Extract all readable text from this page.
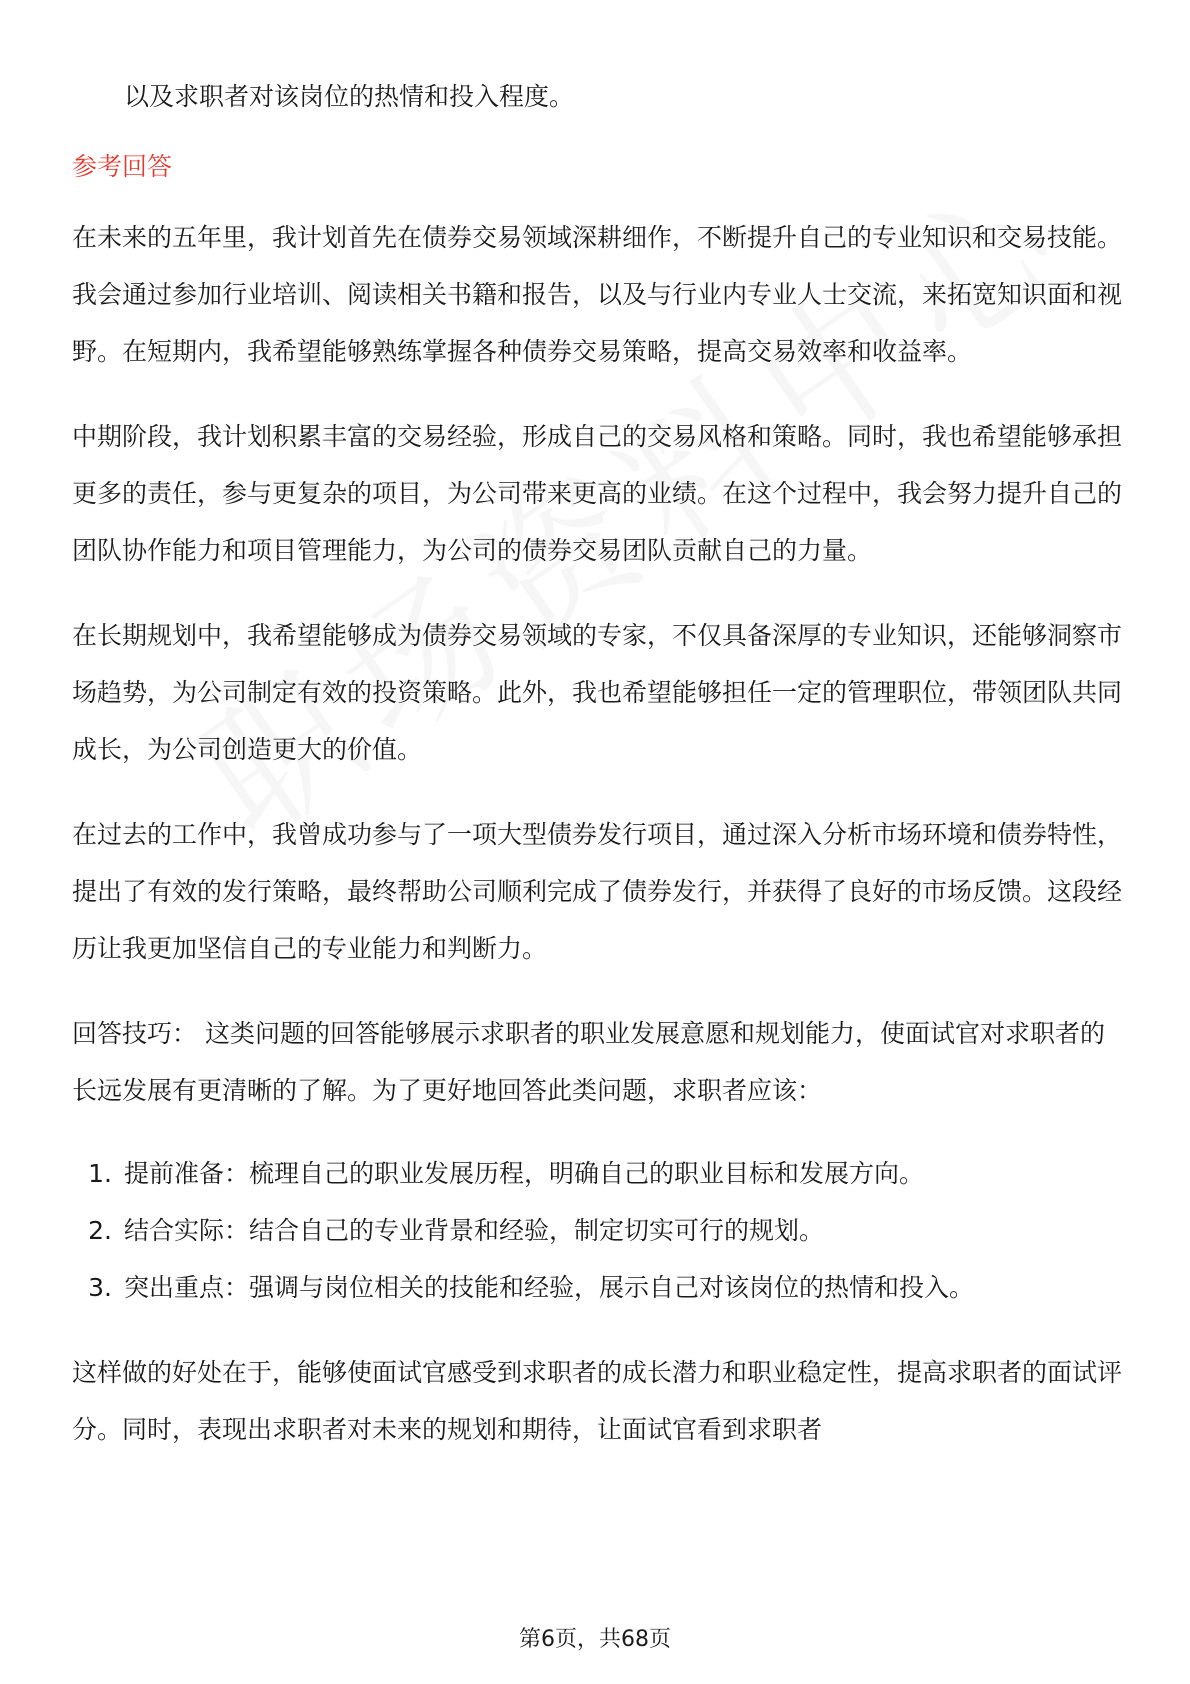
以及求职者对该岗位的热情和投入程度。

参考回答

在未来的五年里，我计划首先在债券交易领域深耕细作，不断提升自己的专业知识和交易技能。我会通过参加行业培训、阅读相关书籍和报告，以及与行业内专业人士交流，来拓宽知识面和视野。在短期内，我希望能够熟练掌握各种债券交易策略，提高交易效率和收益率。

中期阶段，我计划积累丰富的交易经验，形成自己的交易风格和策略。同时，我也希望能够承担更多的责任，参与更复杂的项目，为公司带来更高的业绩。在这个过程中，我会努力提升自己的团队协作能力和项目管理能力，为公司的债券交易团队贡献自己的力量。

在长期规划中，我希望能够成为债券交易领域的专家，不仅具备深厚的专业知识，还能够洞察市场趋势，为公司制定有效的投资策略。此外，我也希望能够担任一定的管理职位，带领团队共同成长，为公司创造更大的价值。

在过去的工作中，我曾成功参与了一项大型债券发行项目，通过深入分析市场环境和债券特性，提出了有效的发行策略，最终帮助公司顺利完成了债券发行，并获得了良好的市场反馈。这段经历让我更加坚信自己的专业能力和判断力。

回答技巧： 这类问题的回答能够展示求职者的职业发展意愿和规划能力，使面试官对求职者的长远发展有更清晰的了解。为了更好地回答此类问题，求职者应该：

1. 提前准备：梳理自己的职业发展历程，明确自己的职业目标和发展方向。
2. 结合实际：结合自己的专业背景和经验，制定切实可行的规划。
3. 突出重点：强调与岗位相关的技能和经验，展示自己对该岗位的热情和投入。

这样做的好处在于，能够使面试官感受到求职者的成长潜力和职业稳定性，提高求职者的面试评分。同时，表现出求职者对未来的规划和期待，让面试官看到求职者

第6页，共68页
